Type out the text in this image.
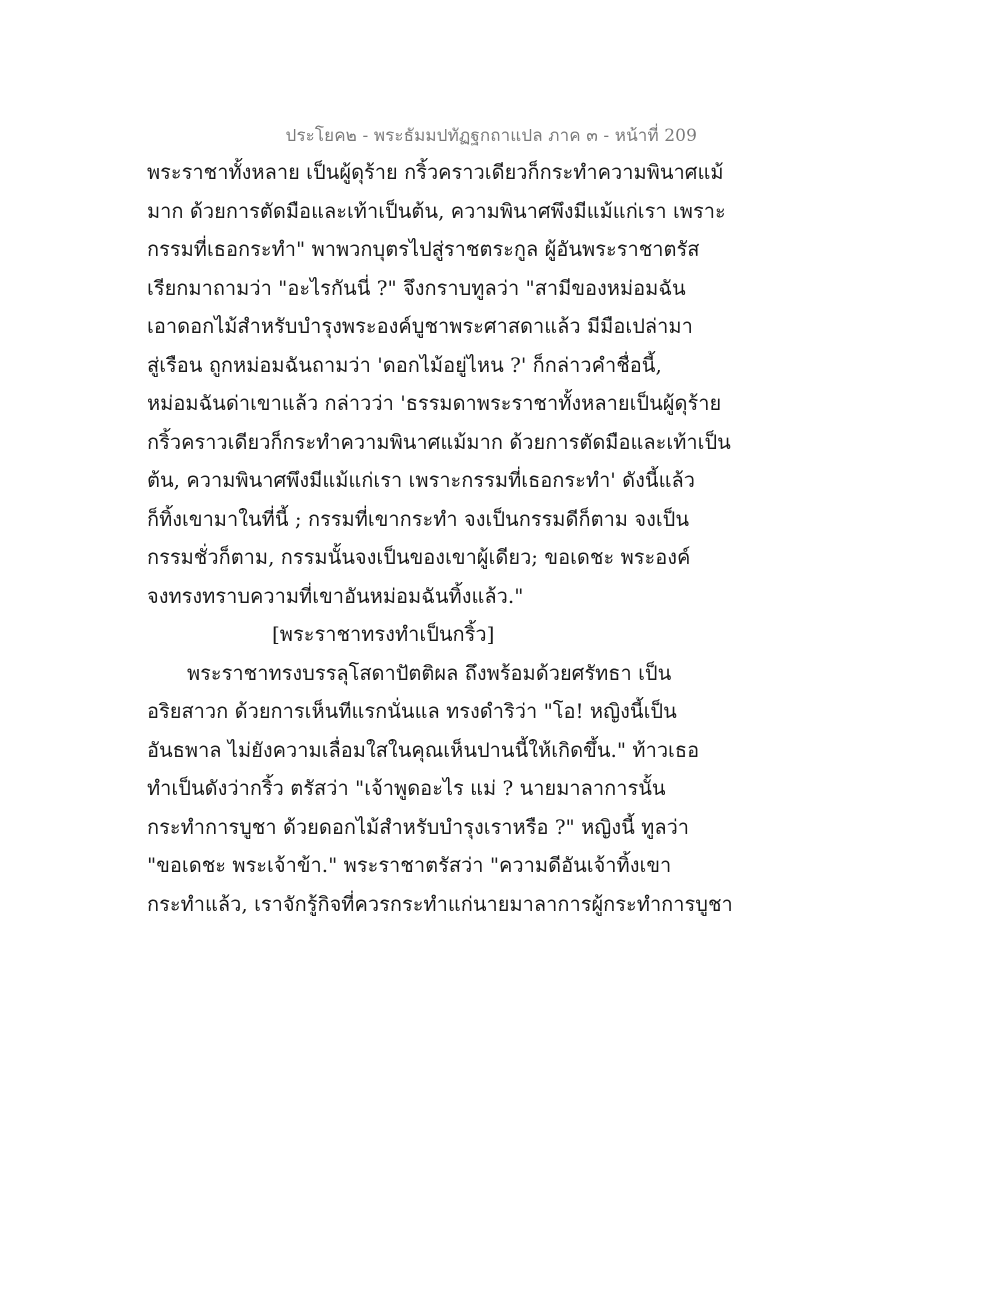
ประโยค๒ - พระธัมมปทัฏฐกถาแปล ภาค ๓ - หน้าที่ 209
พระราชาทั้งหลาย เป็นผู้ดุร้าย กริ้วคราวเดียวก็กระทำความพินาศแม้
มาก ด้วยการตัดมือและเท้าเป็นต้น, ความพินาศพึงมีแม้แก่เรา เพราะ
กรรมที่เธอกระทำ" พาพวกบุตรไปสู่ราชตระกูล ผู้อันพระราชาตรัส
เรียกมาถามว่า "อะไรกันนี่ ?" จึงกราบทูลว่า "สามีของหม่อมฉัน
เอาดอกไม้สำหรับบำรุงพระองค์บูชาพระศาสดาแล้ว มีมือเปล่ามา
สู่เรือน ถูกหม่อมฉันถามว่า 'ดอกไม้อยู่ไหน ?' ก็กล่าวคำชื่อนี้,
หม่อมฉันด่าเขาแล้ว กล่าวว่า 'ธรรมดาพระราชาทั้งหลายเป็นผู้ดุร้าย
กริ้วคราวเดียวก็กระทำความพินาศแม้มาก ด้วยการตัดมือและเท้าเป็น
ต้น, ความพินาศพึงมีแม้แก่เรา เพราะกรรมที่เธอกระทำ' ดังนี้แล้ว
ก็ทิ้งเขามาในที่นี้ ; กรรมที่เขากระทำ จงเป็นกรรมดีก็ตาม จงเป็น
กรรมชั่วก็ตาม, กรรมนั้นจงเป็นของเขาผู้เดียว; ขอเดชะ พระองค์
จงทรงทราบความที่เขาอันหม่อมฉันทิ้งแล้ว."
[พระราชาทรงทำเป็นกริ้ว]
พระราชาทรงบรรลุโสดาปัตติผล ถึงพร้อมด้วยศรัทธา เป็น
อริยสาวก ด้วยการเห็นทีแรกนั่นแล ทรงดำริว่า "โอ! หญิงนี้เป็น
อันธพาล ไม่ยังความเลื่อมใสในคุณเห็นปานนี้ให้เกิดขึ้น." ท้าวเธอ
ทำเป็นดังว่ากริ้ว ตรัสว่า "เจ้าพูดอะไร แม่ ? นายมาลาการนั้น
กระทำการบูชา ด้วยดอกไม้สำหรับบำรุงเราหรือ ?" หญิงนี้ ทูลว่า
"ขอเดชะ พระเจ้าข้า." พระราชาตรัสว่า "ความดีอันเจ้าทิ้งเขา
กระทำแล้ว, เราจักรู้กิจที่ควรกระทำแก่นายมาลาการผู้กระทำการบูชา
